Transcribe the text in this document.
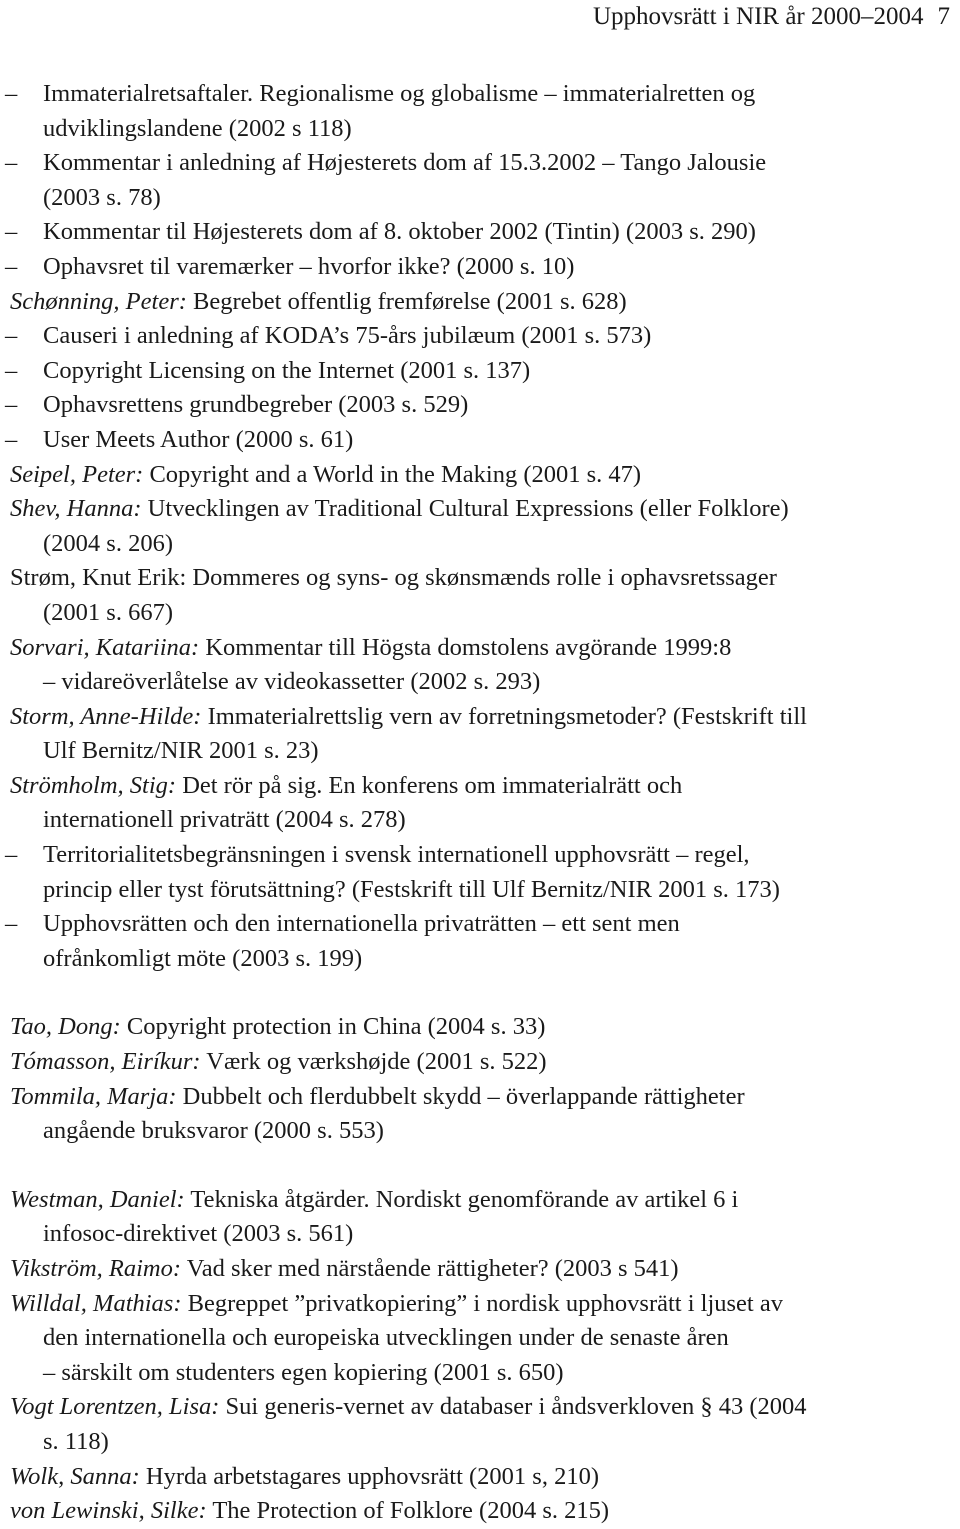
Upphovsrätt i NIR år 2000–2004 7
– Immaterialretsaftaler. Regionalisme og globalisme – immaterialretten og
udviklingslandene (2002 s 118)
– Kommentar i anledning af Højesterets dom af 15.3.2002 – Tango Jalousie
(2003 s. 78)
– Kommentar til Højesterets dom af 8. oktober 2002 (Tintin) (2003 s. 290)
– Ophavsret til varemærker – hvorfor ikke? (2000 s. 10)
Schønning, Peter: Begrebet offentlig fremførelse (2001 s. 628)
– Causeri i anledning af KODA’s 75-års jubilæum (2001 s. 573)
– Copyright Licensing on the Internet (2001 s. 137)
– Ophavsrettens grundbegreber (2003 s. 529)
– User Meets Author (2000 s. 61)
Seipel, Peter: Copyright and a World in the Making (2001 s. 47)
Shev, Hanna: Utvecklingen av Traditional Cultural Expressions (eller Folklore)
(2004 s. 206)
Strøm, Knut Erik: Dommeres og syns- og skønsmænds rolle i ophavsretssager
(2001 s. 667)
Sorvari, Katariina: Kommentar till Högsta domstolens avgörande 1999:8
– vidareöverlåtelse av videokassetter (2002 s. 293)
Storm, Anne-Hilde: Immaterialrettslig vern av forretningsmetoder? (Festskrift till
Ulf Bernitz/NIR 2001 s. 23)
Strömholm, Stig: Det rör på sig. En konferens om immaterialrätt och
internationell privaträtt (2004 s. 278)
– Territorialitetsbegränsningen i svensk internationell upphovsrätt – regel,
princip eller tyst förutsättning? (Festskrift till Ulf Bernitz/NIR 2001 s. 173)
– Upphovsrätten och den internationella privaträtten – ett sent men
ofrånkomligt möte (2003 s. 199)
Tao, Dong: Copyright protection in China (2004 s. 33)
Tómasson, Eiríkur: Værk og værkshøjde (2001 s. 522)
Tommila, Marja: Dubbelt och flerdubbelt skydd – överlappande rättigheter
angående bruksvaror (2000 s. 553)
Westman, Daniel: Tekniska åtgärder. Nordiskt genomförande av artikel 6 i
infosoc-direktivet (2003 s. 561)
Vikström, Raimo: Vad sker med närstående rättigheter? (2003 s 541)
Willdal, Mathias: Begreppet ”privatkopiering” i nordisk upphovsrätt i ljuset av
den internationella och europeiska utvecklingen under de senaste åren
– särskilt om studenters egen kopiering (2001 s. 650)
Vogt Lorentzen, Lisa: Sui generis-vernet av databaser i åndsverkloven § 43 (2004
s. 118)
Wolk, Sanna: Hyrda arbetstagares upphovsrätt (2001 s, 210)
von Lewinski, Silke: The Protection of Folklore (2004 s. 215)
